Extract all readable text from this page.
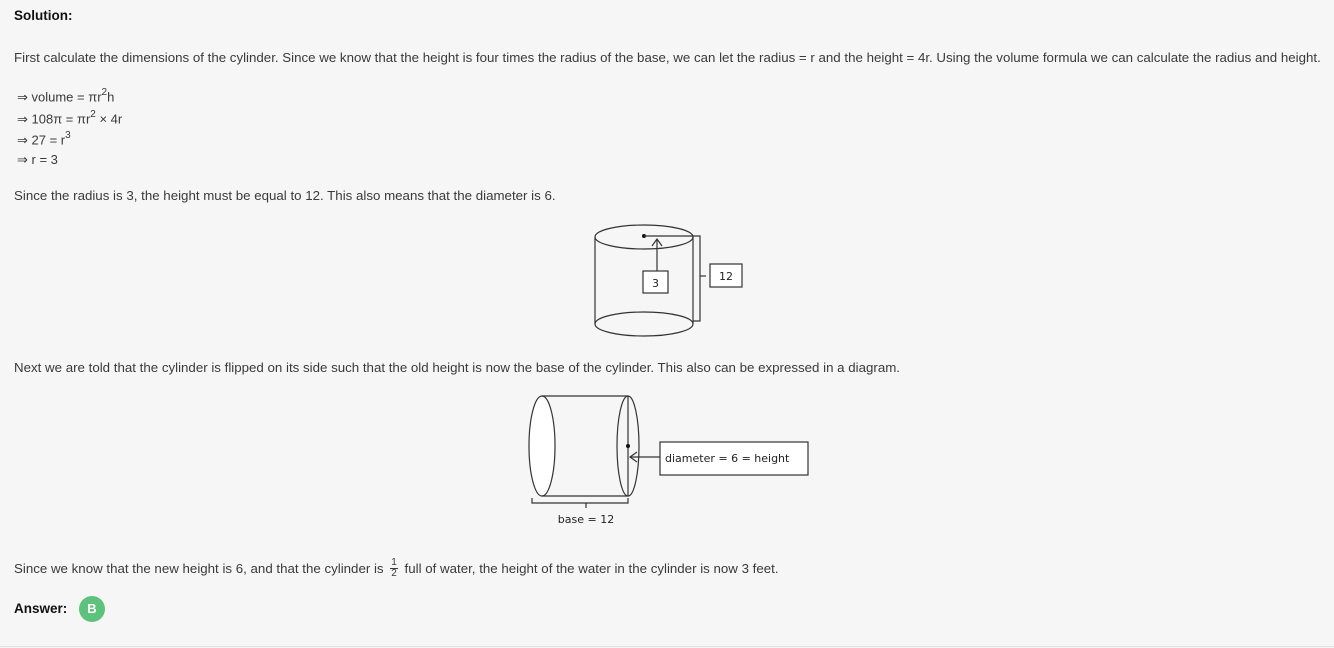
Solution:
First calculate the dimensions of the cylinder. Since we know that the height is four times the radius of the base, we can let the radius = r and the height = 4r. Using the volume formula we can calculate the radius and height.
⇒ volume = $\pi r^2h$
⇒ $108\pi = \pi r^2 \times 4r$
⇒ $27 = r^3$
⇒ r = 3
Since the radius is 3, the height must be equal to 12. This also means that the diameter is 6.
3
12
Next we are told that the cylinder is flipped on its side such that the old height is now the base of the cylinder. This also can be expressed in a diagram.
diameter = 6 = height
base = 12
Since we know that the new height is 6, and that the cylinder is $\frac{1}{2}$ full of water, the height of the water in the cylinder is now 3 feet.
Answer:	B
